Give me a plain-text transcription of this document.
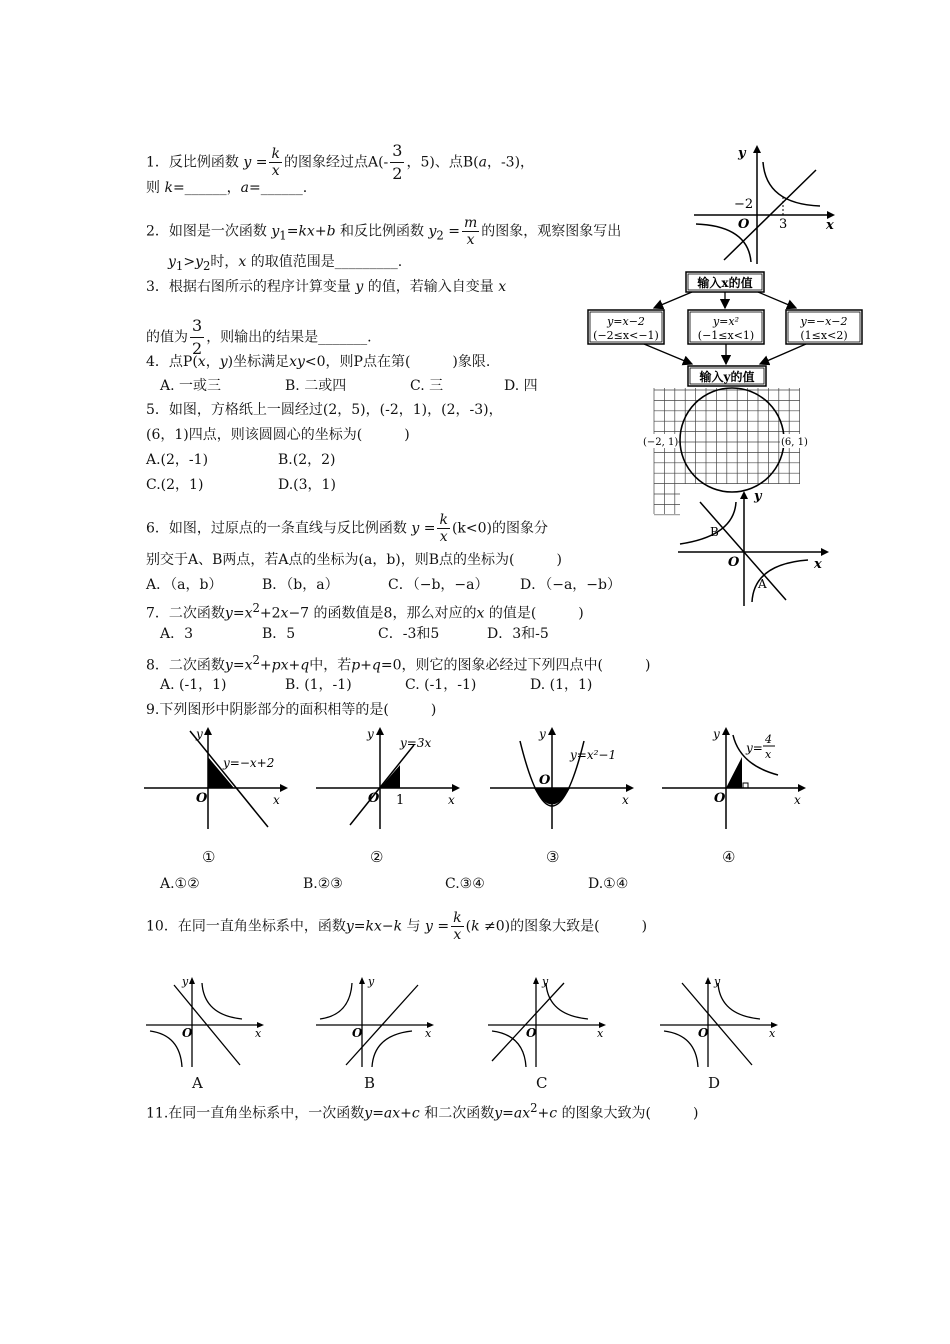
1．反比例函数 $y = \frac{k}{x}$ 的图象经过点$A(- \frac{3}{2}$ ，5)、点B(a，-3)，
则 k=______，a=______.
2．如图是一次函数 $y_1=kx+b$ 和反比例函数 $y_2 = \frac{m}{x}$ 的图象，观察图象写出
$y_1>y_2$时，x 的取值范围是_________.
3．根据右图所示的程序计算变量 y 的值，若输入自变量 x
的值为 $\frac{3}{2}$ ，则输出的结果是_______.
4．点P(x，y)坐标满足xy<0，则P点在第(　　　)象限.
A. 一或三	B. 二或四	C. 三	D. 四
5．如图，方格纸上一圆经过(2，5)，(-2，1)，(2，-3)，
(6，1)四点，则该圆圆心的坐标为(　　　)
A.(2，-1)	B.(2，2)
C.(2，1)	D.(3，1)
6．如图，过原点的一条直线与反比例函数 $y = \frac{k}{x} (k<0)$的图象分
别交于A、B两点，若A点的坐标为(a，b)，则B点的坐标为(　　　)
A．（a，b）	B．（b，a）	C．（−b，−a） D．（−a，−b）
7．二次函数$y=x^2+2x-7$ 的函数值是8，那么对应的x 的值是(　　　)
A．3	B．5	C．-3和5	D．3和-5
8．二次函数$y=x^2+px+q$中，若p+q=0，则它的图象必经过下列四点中(　　　)
A. (-1，1)	B. (1，-1)	C. (-1，-1)	D. (1，1)
9.下列图形中阴影部分的面积相等的是(　　　)
y
O	x
y=−x+2
y
O 1	x
y=3x
y
O
x
y=x²−1
y
O	x
y=
4
x
①	②	③	④
A.①②	B.②③	C.③④	D.①④
10．在同一直角坐标系中，函数y=kx−k 与 $y = \frac{k}{x} (k \ne 0)$的图象大致是(　　　)
y
O	x
y
O	x
y
O	x
y
O	x
A	B	C	D
11.在同一直角坐标系中，一次函数y=ax+c 和二次函数$y=ax^2+c$ 的图象大致为(　　　)
y
x
O
−2
3
输入x的值
y=x−2
(−2≤x<−1)
y=x²
(−1≤x<1)
y=−x−2
(1≤x<2)
输入y的值
(−2, 1)	(6, 1)
y
x
O
B
A
